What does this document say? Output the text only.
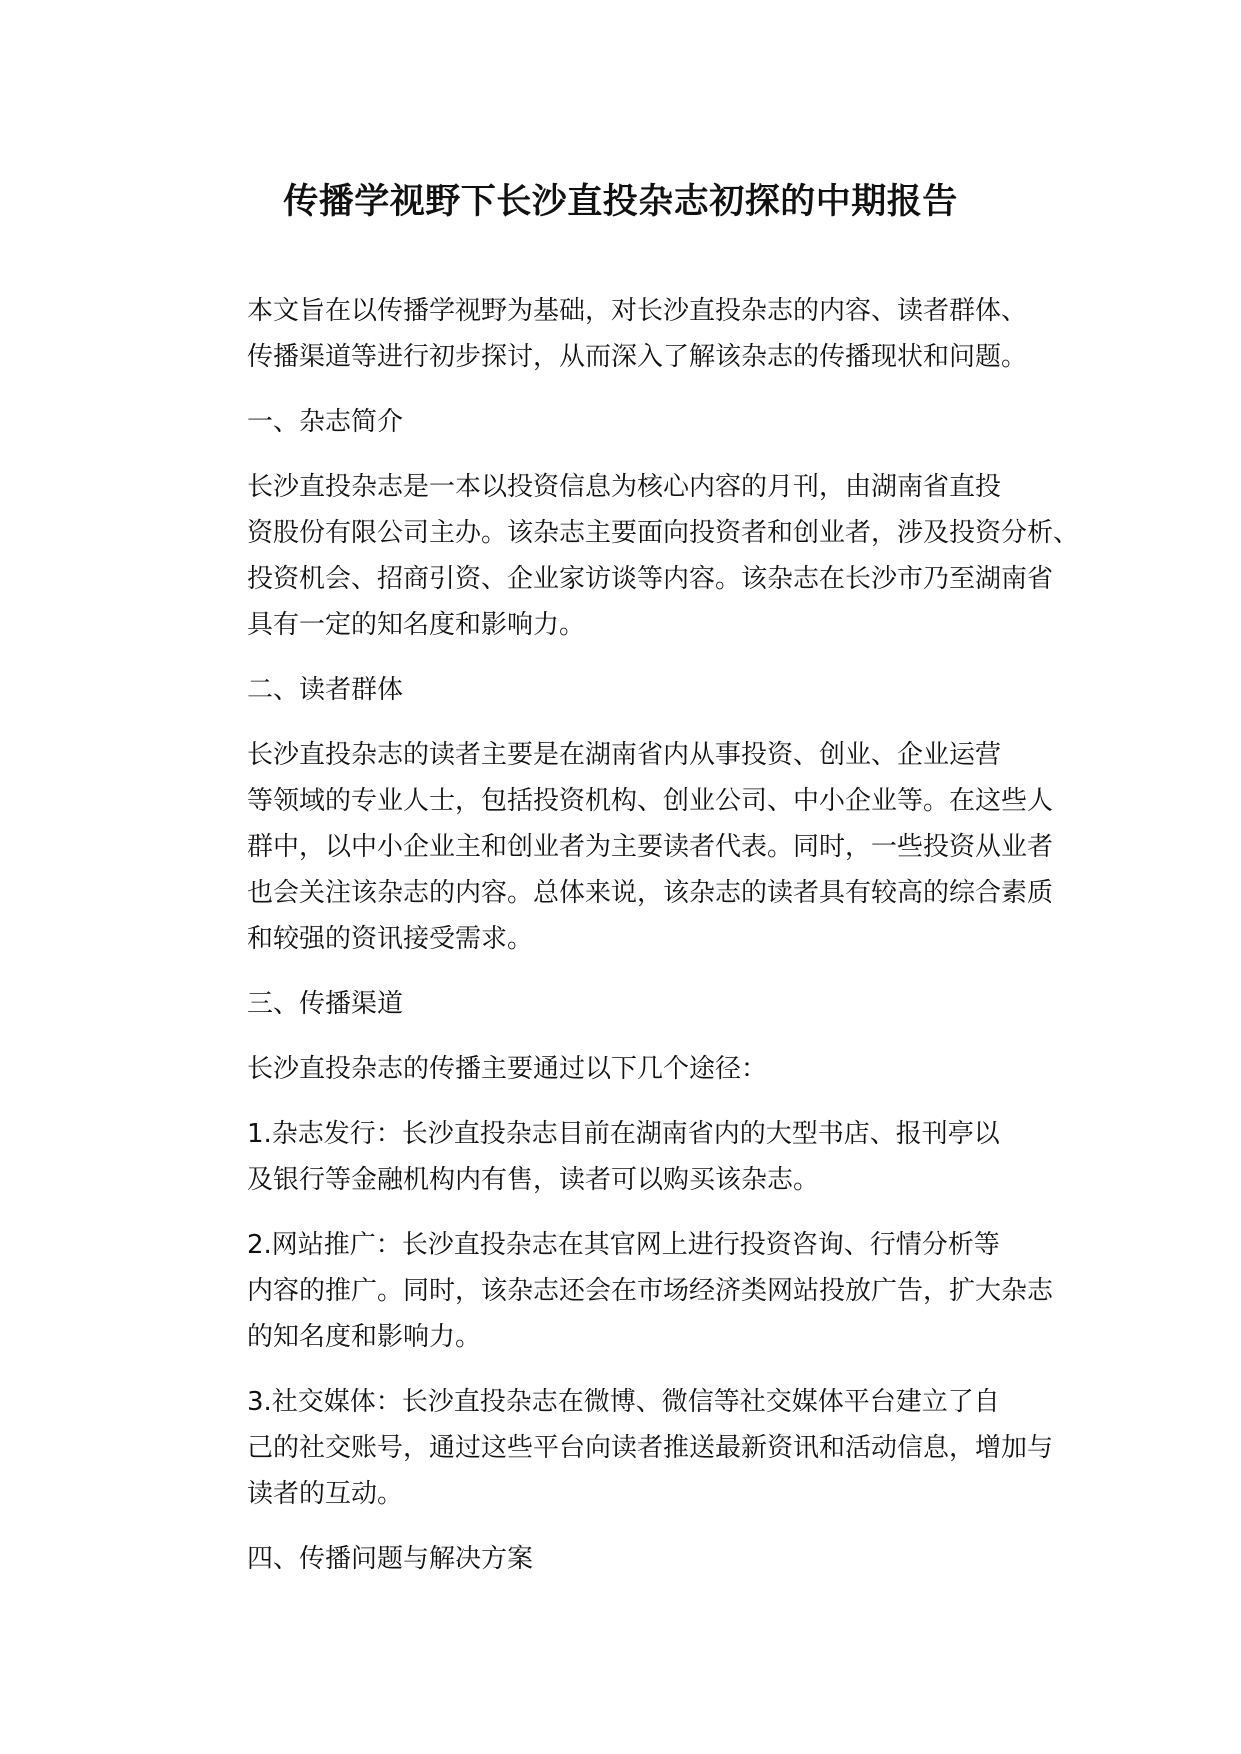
传播学视野下长沙直投杂志初探的中期报告

本文旨在以传播学视野为基础，对长沙直投杂志的内容、读者群体、
传播渠道等进行初步探讨，从而深入了解该杂志的传播现状和问题。

一、杂志简介

长沙直投杂志是一本以投资信息为核心内容的月刊，由湖南省直投
资股份有限公司主办。该杂志主要面向投资者和创业者，涉及投资分析、
投资机会、招商引资、企业家访谈等内容。该杂志在长沙市乃至湖南省
具有一定的知名度和影响力。

二、读者群体

长沙直投杂志的读者主要是在湖南省内从事投资、创业、企业运营
等领域的专业人士，包括投资机构、创业公司、中小企业等。在这些人
群中，以中小企业主和创业者为主要读者代表。同时，一些投资从业者
也会关注该杂志的内容。总体来说，该杂志的读者具有较高的综合素质
和较强的资讯接受需求。

三、传播渠道

长沙直投杂志的传播主要通过以下几个途径：

1.杂志发行：长沙直投杂志目前在湖南省内的大型书店、报刊亭以
及银行等金融机构内有售，读者可以购买该杂志。

2.网站推广：长沙直投杂志在其官网上进行投资咨询、行情分析等
内容的推广。同时，该杂志还会在市场经济类网站投放广告，扩大杂志
的知名度和影响力。

3.社交媒体：长沙直投杂志在微博、微信等社交媒体平台建立了自
己的社交账号，通过这些平台向读者推送最新资讯和活动信息，增加与
读者的互动。

四、传播问题与解决方案
